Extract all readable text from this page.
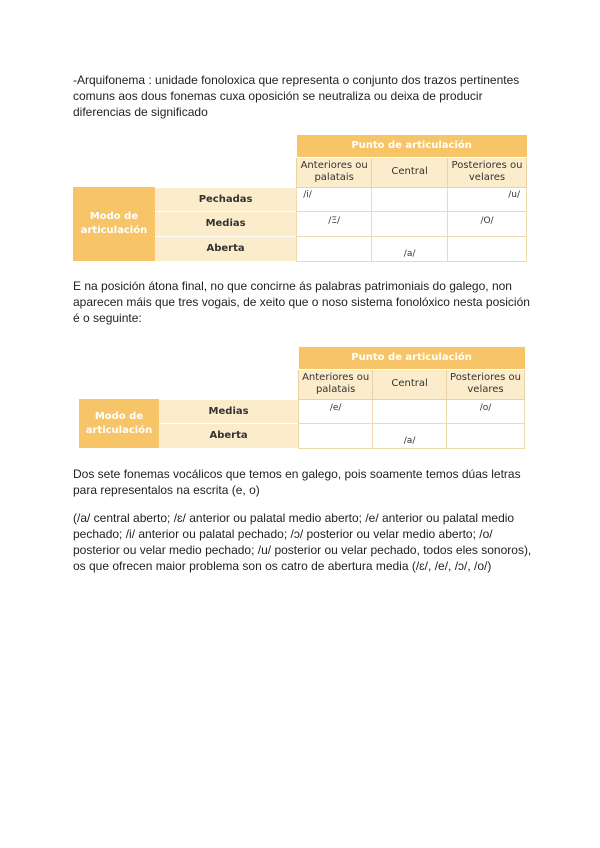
-Arquifonema : unidade fonoloxica que representa o conjunto dos trazos pertinentes comuns aos dous fonemas cuxa oposición se neutraliza ou deixa de producir diferencias de significado

		Punto de articulación		
		Anteriores ou palatais	Central	Posteriores ou velares
Modo de articulación	Pechadas	/i/		/u/

	Medias	/Ξ/		/Ο/

	Aberta		/a/	

E na posición átona final, no que concirne ás palabras patrimoniais do galego, non aparecen máis que tres vogais, de xeito que o noso sistema fonolóxico nesta posición é o seguinte:

		Punto de articulación		
		Anteriores ou palatais	Central	Posteriores ou velares
Modo de articulación	Medias	/e/		/o/

	Aberta		/a/	

Dos sete fonemas vocálicos que temos en galego, pois soamente temos dúas letras para representalos na escrita (e, o)

(/a/ central aberto; /ɛ/ anterior ou palatal medio aberto; /e/ anterior ou palatal medio pechado; /i/ anterior ou palatal pechado; /ɔ/ posterior ou velar medio aberto; /o/ posterior ou velar medio pechado; /u/ posterior ou velar pechado, todos eles sonoros), os que ofrecen maior problema son os catro de abertura media (/ɛ/, /e/, /ɔ/, /o/)
